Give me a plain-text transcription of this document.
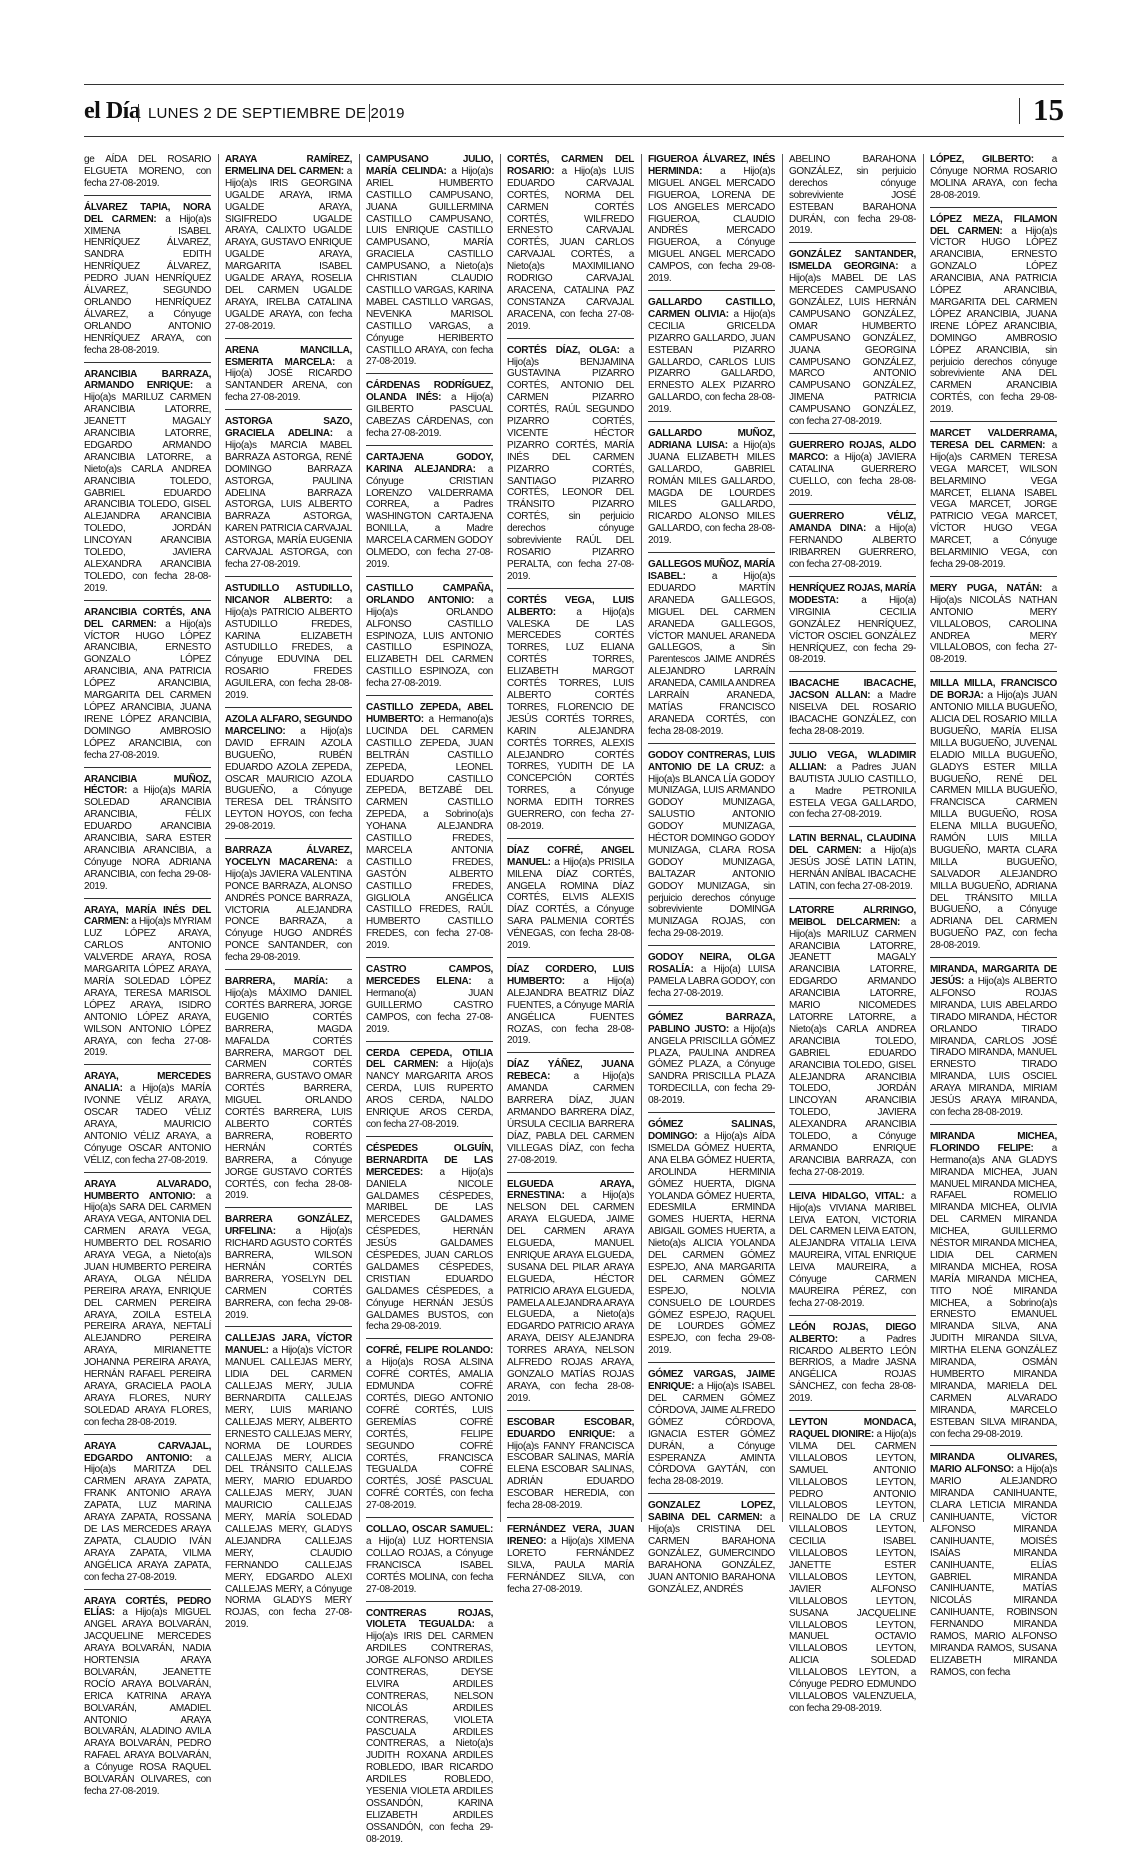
el Día LUNES 2 DE SEPTIEMBRE DE 2019	15
ge AÍDA DEL ROSARIO ELGUETA MORENO, con fecha 27-08-2019.
ÁLVAREZ TAPIA, NORA DEL CARMEN: a Hijo(a)s XIMENA ISABEL HENRÍQUEZ ÁLVAREZ, SANDRA EDITH HENRÍQUEZ ÁLVAREZ, PEDRO JUAN HENRÍQUEZ ÁLVAREZ, SEGUNDO ORLANDO HENRÍQUEZ ÁLVAREZ, a Cónyuge ORLANDO ANTONIO HENRÍQUEZ ARAYA, con fecha 28-08-2019.
ARANCIBIA BARRAZA, ARMANDO ENRIQUE: a Hijo(a)s MARILUZ CARMEN ARANCIBIA LATORRE, JEANETT MAGALY ARANCIBIA LATORRE, EDGARDO ARMANDO ARANCIBIA LATORRE, a Nieto(a)s CARLA ANDREA ARANCIBIA TOLEDO, GABRIEL EDUARDO ARANCIBIA TOLEDO, GISEL ALEJANDRA ARANCIBIA TOLEDO, JORDÁN LINCOYAN ARANCIBIA TOLEDO, JAVIERA ALEXANDRA ARANCIBIA TOLEDO, con fecha 28-08-2019.
ARANCIBIA CORTÉS, ANA DEL CARMEN: a Hijo(a)s VÍCTOR HUGO LÓPEZ ARANCIBIA, ERNESTO GONZALO LÓPEZ ARANCIBIA, ANA PATRICIA LÓPEZ ARANCIBIA, MARGARITA DEL CARMEN LÓPEZ ARANCIBIA, JUANA IRENE LÓPEZ ARANCIBIA, DOMINGO AMBROSIO LÓPEZ ARANCIBIA, con fecha 27-08-2019.
ARANCIBIA MUÑOZ, HÉCTOR: a Hijo(a)s MARÍA SOLEDAD ARANCIBIA ARANCIBIA, FÉLIX EDUARDO ARANCIBIA ARANCIBIA, SARA ESTER ARANCIBIA ARANCIBIA, a Cónyuge NORA ADRIANA ARANCIBIA, con fecha 29-08-2019.
ARAYA, MARÍA INÉS DEL CARMEN: a Hijo(a)s MYRIAM LUZ LÓPEZ ARAYA, CARLOS ANTONIO VALVERDE ARAYA, ROSA MARGARITA LÓPEZ ARAYA, MARÍA SOLEDAD LÓPEZ ARAYA, TERESA MARISOL LÓPEZ ARAYA, ISIDRO ANTONIO LÓPEZ ARAYA, WILSON ANTONIO LÓPEZ ARAYA, con fecha 27-08-2019.
ARAYA, MERCEDES ANALIA: a Hijo(a)s MARÍA IVONNE VÉLIZ ARAYA, OSCAR TADEO VÉLIZ ARAYA, MAURICIO ANTONIO VÉLIZ ARAYA, a Cónyuge OSCAR ANTONIO VÉLIZ, con fecha 27-08-2019.
ARAYA ALVARADO, HUMBERTO ANTONIO: a Hijo(a)s SARA DEL CARMEN ARAYA VEGA, ANTONIA DEL CARMEN ARAYA VEGA, HUMBERTO DEL ROSARIO ARAYA VEGA, a Nieto(a)s JUAN HUMBERTO PEREIRA ARAYA, OLGA NÉLIDA PEREIRA ARAYA, ENRIQUE DEL CARMEN PEREIRA ARAYA, ZOILA ESTELA PEREIRA ARAYA, NEFTALÍ ALEJANDRO PEREIRA ARAYA, MIRIANETTE JOHANNA PEREIRA ARAYA, HERNÁN RAFAEL PEREIRA ARAYA, GRACIELA PAOLA ARAYA FLORES, NURY SOLEDAD ARAYA FLORES, con fecha 28-08-2019.
ARAYA CARVAJAL, EDGARDO ANTONIO: a Hijo(a)s MARITZA DEL CARMEN ARAYA ZAPATA, FRANK ANTONIO ARAYA ZAPATA, LUZ MARINA ARAYA ZAPATA, ROSSANA DE LAS MERCEDES ARAYA ZAPATA, CLAUDIO IVÁN ARAYA ZAPATA, VILMA ANGÉLICA ARAYA ZAPATA, con fecha 27-08-2019.
ARAYA CORTÉS, PEDRO ELÍAS: a Hijo(a)s MIGUEL ANGEL ARAYA BOLVARÁN, JACQUELINE MERCEDES ARAYA BOLVARÁN, NADIA HORTENSIA ARAYA BOLVARÁN, JEANETTE ROCÍO ARAYA BOLVARÁN, ERICA KATRINA ARAYA BOLVARÁN, AMADIEL ANTONIO ARAYA BOLVARÁN, ALADINO AVILA ARAYA BOLVARÁN, PEDRO RAFAEL ARAYA BOLVARÁN, a Cónyuge ROSA RAQUEL BOLVARÁN OLIVARES, con fecha 27-08-2019.
ARAYA RAMÍREZ, ERMELINA DEL CARMEN: a Hijo(a)s IRIS GEORGINA UGALDE ARAYA, IRMA UGALDE ARAYA, SIGIFREDO UGALDE ARAYA, CALIXTO UGALDE ARAYA, GUSTAVO ENRIQUE UGALDE ARAYA, MARGARITA ISABEL UGALDE ARAYA, ROSELIA DEL CARMEN UGALDE ARAYA, IRELBA CATALINA UGALDE ARAYA, con fecha 27-08-2019.
ARENA MANCILLA, ESMERITA MARCELA: a Hijo(a) JOSÉ RICARDO SANTANDER ARENA, con fecha 27-08-2019.
ASTORGA SAZO, GRACIELA ADELINA: a Hijo(a)s MARCIA MABEL BARRAZA ASTORGA, RENÉ DOMINGO BARRAZA ASTORGA, PAULINA ADELINA BARRAZA ASTORGA, LUIS ALBERTO BARRAZA ASTORGA, KAREN PATRICIA CARVAJAL ASTORGA, MARÍA EUGENIA CARVAJAL ASTORGA, con fecha 27-08-2019.
ASTUDILLO ASTUDILLO, NICANOR ALBERTO: a Hijo(a)s PATRICIO ALBERTO ASTUDILLO FREDES, KARINA ELIZABETH ASTUDILLO FREDES, a Cónyuge EDUVINA DEL ROSARIO FREDES AGUILERA, con fecha 28-08-2019.
AZOLA ALFARO, SEGUNDO MARCELINO: a Hijo(a)s DAVID EFRAIN AZOLA BUGUEÑO, RUBÉN EDUARDO AZOLA ZEPEDA, OSCAR MAURICIO AZOLA BUGUEÑO, a Cónyuge TERESA DEL TRÁNSITO LEYTON HOYOS, con fecha 29-08-2019.
BARRAZA ÁLVAREZ, YOCELYN MACARENA: a Hijo(a)s JAVIERA VALENTINA PONCE BARRAZA, ALONSO ANDRÉS PONCE BARRAZA, VICTORIA ALEJANDRA PONCE BARRAZA, a Cónyuge HUGO ANDRÉS PONCE SANTANDER, con fecha 29-08-2019.
BARRERA, MARÍA: a Hijo(a)s MÁXIMO DANIEL CORTÉS BARRERA, JORGE EUGENIO CORTÉS BARRERA, MAGDA MAFALDA CORTÉS BARRERA, MARGOT DEL CARMEN CORTÉS BARRERA, GUSTAVO OMAR CORTÉS BARRERA, MIGUEL ORLANDO CORTÉS BARRERA, LUIS ALBERTO CORTÉS BARRERA, ROBERTO HERNÁN CORTÉS BARRERA, a Cónyuge JORGE GUSTAVO CORTÉS CORTÉS, con fecha 28-08-2019.
BARRERA GONZÁLEZ, URFELINA: a Hijo(a)s RICHARD AGUSTO CORTÉS BARRERA, WILSON HERNÁN CORTÉS BARRERA, YOSELYN DEL CARMEN CORTÉS BARRERA, con fecha 29-08-2019.
CALLEJAS JARA, VÍCTOR MANUEL: a Hijo(a)s VÍCTOR MANUEL CALLEJAS MERY, LIDIA DEL CARMEN CALLEJAS MERY, JULIA BERNARDITA CALLEJAS MERY, LUIS MARIANO CALLEJAS MERY, ALBERTO ERNESTO CALLEJAS MERY, NORMA DE LOURDES CALLEJAS MERY, ALICIA DEL TRÁNSITO CALLEJAS MERY, MARIO EDUARDO CALLEJAS MERY, JUAN MAURICIO CALLEJAS MERY, MARÍA SOLEDAD CALLEJAS MERY, GLADYS ALEJANDRA CALLEJAS MERY, CLAUDIO FERNANDO CALLEJAS MERY, EDGARDO ALEXI CALLEJAS MERY, a Cónyuge NORMA GLADYS MERY ROJAS, con fecha 27-08-2019.
CAMPUSANO JULIO, MARÍA CELINDA: a Hijo(a)s ARIEL HUMBERTO CASTILLO CAMPUSANO, JUANA GUILLERMINA CASTILLO CAMPUSANO, LUIS ENRIQUE CASTILLO CAMPUSANO, MARÍA GRACIELA CASTILLO CAMPUSANO, a Nieto(a)s CHRISTIAN CLAUDIO CASTILLO VARGAS, KARINA MABEL CASTILLO VARGAS, NEVENKA MARISOL CASTILLO VARGAS, a Cónyuge HERIBERTO CASTILLO ARAYA, con fecha 27-08-2019.
CÁRDENAS RODRÍGUEZ, OLANDA INÉS: a Hijo(a) GILBERTO PASCUAL CABEZAS CÁRDENAS, con fecha 27-08-2019.
CARTAJENA GODOY, KARINA ALEJANDRA: a Cónyuge CRISTIAN LORENZO VALDERRAMA CORREA, a Padres WASHINGTON CARTAJENA BONILLA, a Madre MARCELA CARMEN GODOY OLMEDO, con fecha 27-08-2019.
CASTILLO CAMPAÑA, ORLANDO ANTONIO: a Hijo(a)s ORLANDO ALFONSO CASTILLO ESPINOZA, LUIS ANTONIO CASTILLO ESPINOZA, ELIZABETH DEL CARMEN CASTILLO ESPINOZA, con fecha 27-08-2019.
CASTILLO ZEPEDA, ABEL HUMBERTO: a Hermano(a)s LUCINDA DEL CARMEN CASTILLO ZEPEDA, JUAN BELTRÁN CASTILLO ZEPEDA, LEONEL EDUARDO CASTILLO ZEPEDA, BETZABÉ DEL CARMEN CASTILLO ZEPEDA, a Sobrino(a)s YOHANA ALEJANDRA CASTILLO FREDES, MARCELA ANTONIA CASTILLO FREDES, GASTÓN ALBERTO CASTILLO FREDES, GIGLIOLA ANGÉLICA CASTILLO FREDES, RAÚL HUMBERTO CASTILLO FREDES, con fecha 27-08-2019.
CASTRO CAMPOS, MERCEDES ELENA: a Hermano(a) JUAN GUILLERMO CASTRO CAMPOS, con fecha 27-08-2019.
CERDA CEPEDA, OTILIA DEL CARMEN: a Hijo(a)s NANCY MARGARITA AROS CERDA, LUIS RUPERTO AROS CERDA, NALDO ENRIQUE AROS CERDA, con fecha 27-08-2019.
CÉSPEDES OLGUÍN, BERNARDITA DE LAS MERCEDES: a Hijo(a)s DANIELA NICOLE GALDAMES CÉSPEDES, MARIBEL DE LAS MERCEDES GALDAMES CÉSPEDES, HERNÁN JESÚS GALDAMES CÉSPEDES, JUAN CARLOS GALDAMES CÉSPEDES, CRISTIAN EDUARDO GALDAMES CÉSPEDES, a Cónyuge HERNÁN JESÚS GALDAMES BUSTOS, con fecha 29-08-2019.
COFRÉ, FELIPE ROLANDO: a Hijo(a)s ROSA ALSINA COFRÉ CORTÉS, AMALIA EDMUNDA COFRÉ CORTÉS, DIEGO ANTONIO COFRÉ CORTÉS, LUIS GEREMÍAS COFRÉ CORTÉS, FELIPE SEGUNDO COFRÉ CORTÉS, FRANCISCA TEGUALDA COFRÉ CORTÉS, JOSÉ PASCUAL COFRÉ CORTÉS, con fecha 27-08-2019.
COLLAO, OSCAR SAMUEL: a Hijo(a) LUZ HORTENSIA COLLAO ROJAS, a Cónyuge FRANCISCA ISABEL CORTÉS MOLINA, con fecha 27-08-2019.
CONTRERAS ROJAS, VIOLETA TEGUALDA: a Hijo(a)s IRIS DEL CARMEN ARDILES CONTRERAS, JORGE ALFONSO ARDILES CONTRERAS, DEYSE ELVIRA ARDILES CONTRERAS, NELSON NICOLÁS ARDILES CONTRERAS, VIOLETA PASCUALA ARDILES CONTRERAS, a Nieto(a)s JUDITH ROXANA ARDILES ROBLEDO, IBAR RICARDO ARDILES ROBLEDO, YESENIA VIOLETA ARDILES OSSANDÓN, KARINA ELIZABETH ARDILES OSSANDÓN, con fecha 29-08-2019.
CORTÉS, CARMEN DEL ROSARIO: a Hijo(a)s LUIS EDUARDO CARVAJAL CORTÉS, NORMA DEL CARMEN CORTÉS CORTÉS, WILFREDO ERNESTO CARVAJAL CORTÉS, JUAN CARLOS CARVAJAL CORTÉS, a Nieto(a)s MAXIMILIANO RODRIGO CARVAJAL ARACENA, CATALINA PAZ CONSTANZA CARVAJAL ARACENA, con fecha 27-08-2019.
CORTÉS DÍAZ, OLGA: a Hijo(a)s BENJAMINA GUSTAVINA PIZARRO CORTÉS, ANTONIO DEL CARMEN PIZARRO CORTÉS, RAÚL SEGUNDO PIZARRO CORTÉS, VICENTE HÉCTOR PIZARRO CORTÉS, MARÍA INÉS DEL CARMEN PIZARRO CORTÉS, SANTIAGO PIZARRO CORTÉS, LEONOR DEL TRÁNSITO PIZARRO CORTÉS, sin perjuicio derechos cónyuge sobreviviente RAÚL DEL ROSARIO PIZARRO PERALTA, con fecha 27-08-2019.
CORTÉS VEGA, LUIS ALBERTO: a Hijo(a)s VALESKA DE LAS MERCEDES CORTÉS TORRES, LUZ ELIANA CORTÉS TORRES, ELIZABETH MARGOT CORTÉS TORRES, LUIS ALBERTO CORTÉS TORRES, FLORENCIO DE JESÚS CORTÉS TORRES, KARIN ALEJANDRA CORTÉS TORRES, ALEXIS ALEJANDRO CORTÉS TORRES, YUDITH DE LA CONCEPCIÓN CORTÉS TORRES, a Cónyuge NORMA EDITH TORRES GUERRERO, con fecha 27-08-2019.
DÍAZ COFRÉ, ANGEL MANUEL: a Hijo(a)s PRISILA MILENA DÍAZ CORTÉS, ANGELA ROMINA DÍAZ CORTÉS, ELVIS ALEXIS DÍAZ CORTÉS, a Cónyuge SARA PALMENIA CORTÉS VÉNEGAS, con fecha 28-08-2019.
DÍAZ CORDERO, LUIS HUMBERTO: a Hijo(a) ALEJANDRA BEATRIZ DÍAZ FUENTES, a Cónyuge MARÍA ANGÉLICA FUENTES ROZAS, con fecha 28-08-2019.
DÍAZ YÁÑEZ, JUANA REBECA: a Hijo(a)s AMANDA CARMEN BARRERA DÍAZ, JUAN ARMANDO BARRERA DÍAZ, ÚRSULA CECILIA BARRERA DÍAZ, PABLA DEL CARMEN VILLEGAS DÍAZ, con fecha 27-08-2019.
ELGUEDA ARAYA, ERNESTINA: a Hijo(a)s NELSON DEL CARMEN ARAYA ELGUEDA, JAIME DEL CARMEN ARAYA ELGUEDA, MANUEL ENRIQUE ARAYA ELGUEDA, SUSANA DEL PILAR ARAYA ELGUEDA, HÉCTOR PATRICIO ARAYA ELGUEDA, PAMELA ALEJANDRA ARAYA ELGUEDA, a Nieto(a)s EDGARDO PATRICIO ARAYA ARAYA, DEISY ALEJANDRA TORRES ARAYA, NELSON ALFREDO ROJAS ARAYA, GONZALO MATÍAS ROJAS ARAYA, con fecha 28-08-2019.
ESCOBAR ESCOBAR, EDUARDO ENRIQUE: a Hijo(a)s FANNY FRANCISCA ESCOBAR SALINAS, MARÍA ELENA ESCOBAR SALINAS, ADRIÁN EDUARDO ESCOBAR HEREDIA, con fecha 28-08-2019.
FERNÁNDEZ VERA, JUAN IRENEO: a Hijo(a)s XIMENA LORETO FERNÁNDEZ SILVA, PAULA MARÍA FERNÁNDEZ SILVA, con fecha 27-08-2019.
FIGUEROA ÁLVAREZ, INÉS HERMINDA: a Hijo(a)s MIGUEL ANGEL MERCADO FIGUEROA, LORENA DE LOS ANGELES MERCADO FIGUEROA, CLAUDIO ANDRÉS MERCADO FIGUEROA, a Cónyuge MIGUEL ANGEL MERCADO CAMPOS, con fecha 29-08-2019.
GALLARDO CASTILLO, CARMEN OLIVIA: a Hijo(a)s CECILIA GRICELDA PIZARRO GALLARDO, JUAN ESTEBAN PIZARRO GALLARDO, CARLOS LUIS PIZARRO GALLARDO, ERNESTO ALEX PIZARRO GALLARDO, con fecha 28-08-2019.
GALLARDO MUÑOZ, ADRIANA LUISA: a Hijo(a)s JUANA ELIZABETH MILES GALLARDO, GABRIEL ROMÁN MILES GALLARDO, MAGDA DE LOURDES MILES GALLARDO, RICARDO ALONSO MILES GALLARDO, con fecha 28-08-2019.
GALLEGOS MUÑOZ, MARÍA ISABEL:	a Hijo(a)s EDUARDO MARTÍN ARANEDA GALLEGOS, MIGUEL DEL CARMEN ARANEDA GALLEGOS, VÍCTOR MANUEL ARANEDA GALLEGOS, a Sin Parentescos JAIME ANDRÉS ALEJANDRO LARRAÍN ARANEDA, CAMILA ANDREA LARRAÍN ARANEDA, MATÍAS FRANCISCO ARANEDA CORTÉS, con fecha 28-08-2019.
GODOY CONTRERAS, LUIS ANTONIO DE LA CRUZ: a Hijo(a)s BLANCA LÍA GODOY MUNIZAGA, LUIS ARMANDO GODOY MUNIZAGA, SALUSTIO ANTONIO GODOY MUNIZAGA, HÉCTOR DOMINGO GODOY MUNIZAGA, CLARA ROSA GODOY MUNIZAGA, BALTAZAR ANTONIO GODOY MUNIZAGA, sin perjuicio derechos cónyuge sobreviviente DOMINGA MUNIZAGA ROJAS, con fecha 29-08-2019.
GODOY NEIRA, OLGA ROSALÍA: a Hijo(a) LUISA PAMELA LABRA GODOY, con fecha 27-08-2019.
GÓMEZ BARRAZA, PABLINO JUSTO: a Hijo(a)s ANGELA PRISCILLA GÓMEZ PLAZA, PAULINA ANDREA GÓMEZ PLAZA, a Cónyuge SANDRA PRISCILLA PLAZA TORDECILLA, con fecha 29-08-2019.
GÓMEZ SALINAS, DOMINGO: a Hijo(a)s AÍDA ISMELDA GÓMEZ HUERTA, ANA ELBA GÓMEZ HUERTA, AROLINDA HERMINIA GÓMEZ HUERTA, DIGNA YOLANDA GÓMEZ HUERTA, EDESMILA ERMINDA GOMES HUERTA, HERNA ABIGAIL GOMES HUERTA, a Nieto(a)s ALICIA YOLANDA DEL CARMEN GÓMEZ ESPEJO, ANA MARGARITA DEL CARMEN GÓMEZ ESPEJO, NOLVIA CONSUELO DE LOURDES GÓMEZ ESPEJO, RAQUEL DE LOURDES GÓMEZ ESPEJO, con fecha 29-08-2019.
GÓMEZ VARGAS, JAIME ENRIQUE: a Hijo(a)s ISABEL DEL CARMEN GÓMEZ CÓRDOVA, JAIME ALFREDO GÓMEZ CÓRDOVA, IGNACIA ESTER GÓMEZ DURÁN, a Cónyuge ESPERANZA AMINTA CÓRDOVA GAYTÁN, con fecha 28-08-2019.
GONZALEZ LOPEZ, SABINA DEL CARMEN: a Hijo(a)s CRISTINA DEL CARMEN BARAHONA GONZÁLEZ, GUMERCINDO BARAHONA GONZÁLEZ, JUAN ANTONIO BARAHONA GONZÁLEZ, ANDRÉS
ABELINO BARAHONA GONZÁLEZ, sin perjuicio derechos cónyuge sobreviviente JOSÉ ESTEBAN BARAHONA DURÁN, con fecha 29-08-2019.
GONZÁLEZ SANTANDER, ISMELDA GEORGINA: a Hijo(a)s MABEL DE LAS MERCEDES CAMPUSANO GONZÁLEZ, LUIS HERNÁN CAMPUSANO GONZÁLEZ, OMAR HUMBERTO CAMPUSANO GONZÁLEZ, JUANA GEORGINA CAMPUSANO GONZÁLEZ, MARCO ANTONIO CAMPUSANO GONZÁLEZ, JIMENA PATRICIA CAMPUSANO GONZÁLEZ, con fecha 27-08-2019.
GUERRERO ROJAS, ALDO MARCO: a Hijo(a) JAVIERA CATALINA GUERRERO CUELLO, con fecha 28-08-2019.
GUERRERO VÉLIZ, AMANDA DINA: a Hijo(a) FERNANDO ALBERTO IRIBARREN GUERRERO, con fecha 27-08-2019.
HENRÍQUEZ ROJAS, MARÍA MODESTA: a Hijo(a) VIRGINIA CECILIA GONZÁLEZ HENRÍQUEZ, VÍCTOR OSCIEL GONZÁLEZ HENRÍQUEZ, con fecha 29-08-2019.
IBACACHE IBACACHE, JACSON ALLAN: a Madre NISELVA DEL ROSARIO IBACACHE GONZÁLEZ, con fecha 28-08-2019.
JULIO VEGA, WLADIMIR ALLIAN: a Padres JUAN BAUTISTA JULIO CASTILLO, a Madre PETRONILA ESTELA VEGA GALLARDO, con fecha 27-08-2019.
LATIN BERNAL, CLAUDINA DEL CARMEN: a Hijo(a)s JESÚS JOSÉ LATIN LATIN, HERNÁN ANÍBAL IBACACHE LATIN, con fecha 27-08-2019.
LATORRE ALRRINGO, MEIBOL DELCARMEN: a Hijo(a)s MARILUZ CARMEN ARANCIBIA LATORRE, JEANETT MAGALY ARANCIBIA LATORRE, EDGARDO ARMANDO ARANCIBIA LATORRE, MARIO NICOMEDES LATORRE LATORRE, a Nieto(a)s CARLA ANDREA ARANCIBIA TOLEDO, GABRIEL EDUARDO ARANCIBIA TOLEDO, GISEL ALEJANDRA ARANCIBIA TOLEDO, JORDÁN LINCOYAN ARANCIBIA TOLEDO, JAVIERA ALEXANDRA ARANCIBIA TOLEDO, a Cónyuge ARMANDO ENRIQUE ARANCIBIA BARRAZA, con fecha 27-08-2019.
LEIVA HIDALGO, VITAL: a Hijo(a)s VIVIANA MARIBEL LEIVA EATON, VICTORIA DEL CARMEN LEIVA EATON, ALEJANDRA VITALIA LEIVA MAUREIRA, VITAL ENRIQUE LEIVA MAUREIRA, a Cónyuge CARMEN MAUREIRA PÉREZ, con fecha 27-08-2019.
LEÓN ROJAS, DIEGO ALBERTO: a Padres RICARDO ALBERTO LEÓN BERRIOS, a Madre JASNA ANGÉLICA ROJAS SÁNCHEZ, con fecha 28-08-2019.
LEYTON MONDACA, RAQUEL DIONIRE: a Hijo(a)s VILMA DEL CARMEN VILLALOBOS LEYTON, SAMUEL ANTONIO VILLALOBOS LEYTON, PEDRO ANTONIO VILLALOBOS LEYTON, REINALDO DE LA CRUZ VILLALOBOS LEYTON, CECILIA ISABEL VILLALOBOS LEYTON, JANETTE ESTER VILLALOBOS LEYTON, JAVIER ALFONSO VILLALOBOS LEYTON, SUSANA JACQUELINE VILLALOBOS LEYTON, MANUEL OCTAVIO VILLALOBOS LEYTON, ALICIA SOLEDAD VILLALOBOS LEYTON, a Cónyuge PEDRO EDMUNDO VILLALOBOS VALENZUELA, con fecha 29-08-2019.
LÓPEZ, GILBERTO: a Cónyuge NORMA ROSARIO MOLINA ARAYA, con fecha 28-08-2019.
LÓPEZ MEZA, FILAMON DEL CARMEN: a Hijo(a)s VÍCTOR HUGO LÓPEZ ARANCIBIA, ERNESTO GONZALO LÓPEZ ARANCIBIA, ANA PATRICIA LÓPEZ ARANCIBIA, MARGARITA DEL CARMEN LÓPEZ ARANCIBIA, JUANA IRENE LÓPEZ ARANCIBIA, DOMINGO AMBROSIO LÓPEZ ARANCIBIA, sin perjuicio derechos cónyuge sobreviviente ANA DEL CARMEN ARANCIBIA CORTÉS, con fecha 29-08-2019.
MARCET VALDERRAMA, TERESA DEL CARMEN: a Hijo(a)s CARMEN TERESA VEGA MARCET, WILSON BELARMINO VEGA MARCET, ELIANA ISABEL VEGA MARCET, JORGE PATRICIO VEGA MARCET, VÍCTOR HUGO VEGA MARCET, a Cónyuge BELARMINIO VEGA, con fecha 29-08-2019.
MERY PUGA, NATÁN: a Hijo(a)s NICOLÁS NATHAN ANTONIO MERY VILLALOBOS, CAROLINA ANDREA MERY VILLALOBOS, con fecha 27-08-2019.
MILLA MILLA, FRANCISCO DE BORJA: a Hijo(a)s JUAN ANTONIO MILLA BUGUEÑO, ALICIA DEL ROSARIO MILLA BUGUEÑO, MARÍA ELISA MILLA BUGUEÑO, JUVENAL ELADIO MILLA BUGUEÑO, GLADYS ESTER MILLA BUGUEÑO, RENÉ DEL CARMEN MILLA BUGUEÑO, FRANCISCA CARMEN MILLA BUGUEÑO, ROSA ELENA MILLA BUGUEÑO, RAMÓN LUIS MILLA BUGUEÑO, MARTA CLARA MILLA BUGUEÑO, SALVADOR ALEJANDRO MILLA BUGUEÑO, ADRIANA DEL TRÁNSITO MILLA BUGUEÑO, a Cónyuge ADRIANA DEL CARMEN BUGUEÑO PAZ, con fecha 28-08-2019.
MIRANDA, MARGARITA DE JESÚS: a Hijo(a)s ALBERTO ALFONSO ROJAS MIRANDA, LUIS ABELARDO TIRADO MIRANDA, HÉCTOR ORLANDO TIRADO MIRANDA, CARLOS JOSÉ TIRADO MIRANDA, MANUEL ERNESTO TIRADO MIRANDA, LUIS OSCIEL ARAYA MIRANDA, MIRIAM JESÚS ARAYA MIRANDA, con fecha 28-08-2019.
MIRANDA MICHEA, FLORINDO FELIPE: a Hermano(a)s ANA GLADYS MIRANDA MICHEA, JUAN MANUEL MIRANDA MICHEA, RAFAEL ROMELIO MIRANDA MICHEA, OLIVIA DEL CARMEN MIRANDA MICHEA, GUILLERMO NÉSTOR MIRANDA MICHEA, LIDIA DEL CARMEN MIRANDA MICHEA, ROSA MARÍA MIRANDA MICHEA, TITO NOÉ MIRANDA MICHEA, a Sobrino(a)s ERNESTO EMANUEL MIRANDA SILVA, ANA JUDITH MIRANDA SILVA, MIRTHA ELENA GONZÁLEZ MIRANDA, OSMÁN HUMBERTO MIRANDA MIRANDA, MARIELA DEL CARMEN ALVARADO MIRANDA, MARCELO ESTEBAN SILVA MIRANDA, con fecha 29-08-2019.
MIRANDA OLIVARES, MARIO ALFONSO: a Hijo(a)s MARIO ALEJANDRO MIRANDA CANIHUANTE, CLARA LETICIA MIRANDA CANIHUANTE, VÍCTOR ALFONSO MIRANDA CANIHUANTE, MOISÉS ISAÍAS MIRANDA CANIHUANTE, ELÍAS GABRIEL MIRANDA CANIHUANTE, MATÍAS NICOLÁS MIRANDA CANIHUANTE, ROBINSON FERNANDO MIRANDA RAMOS, MARIO ALFONSO MIRANDA RAMOS, SUSANA ELIZABETH MIRANDA RAMOS, con fecha
